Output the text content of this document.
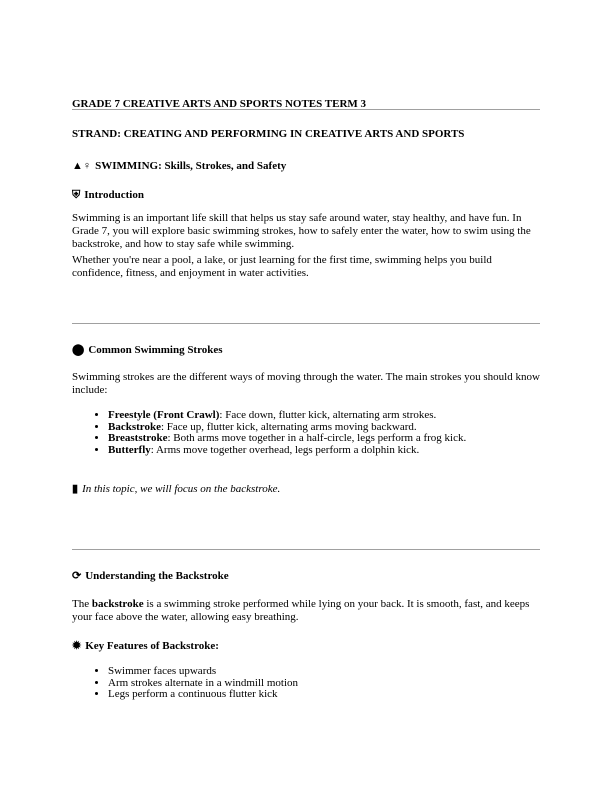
GRADE 7 CREATIVE ARTS AND SPORTS NOTES TERM 3
STRAND: CREATING AND PERFORMING IN CREATIVE ARTS AND SPORTS
▲♀ SWIMMING: Skills, Strokes, and Safety
⛨ Introduction
Swimming is an important life skill that helps us stay safe around water, stay healthy, and have fun. In Grade 7, you will explore basic swimming strokes, how to safely enter the water, how to swim using the backstroke, and how to stay safe while swimming.
Whether you're near a pool, a lake, or just learning for the first time, swimming helps you build confidence, fitness, and enjoyment in water activities.
⬤ Common Swimming Strokes
Swimming strokes are the different ways of moving through the water. The main strokes you should know include:
• Freestyle (Front Crawl): Face down, flutter kick, alternating arm strokes.
• Backstroke: Face up, flutter kick, alternating arms moving backward.
• Breaststroke: Both arms move together in a half-circle, legs perform a frog kick.
• Butterfly: Arms move together overhead, legs perform a dolphin kick.
▮ In this topic, we will focus on the backstroke.
⟳ Understanding the Backstroke
The backstroke is a swimming stroke performed while lying on your back. It is smooth, fast, and keeps your face above the water, allowing easy breathing.
✹ Key Features of Backstroke:
• Swimmer faces upwards
• Arm strokes alternate in a windmill motion
• Legs perform a continuous flutter kick
